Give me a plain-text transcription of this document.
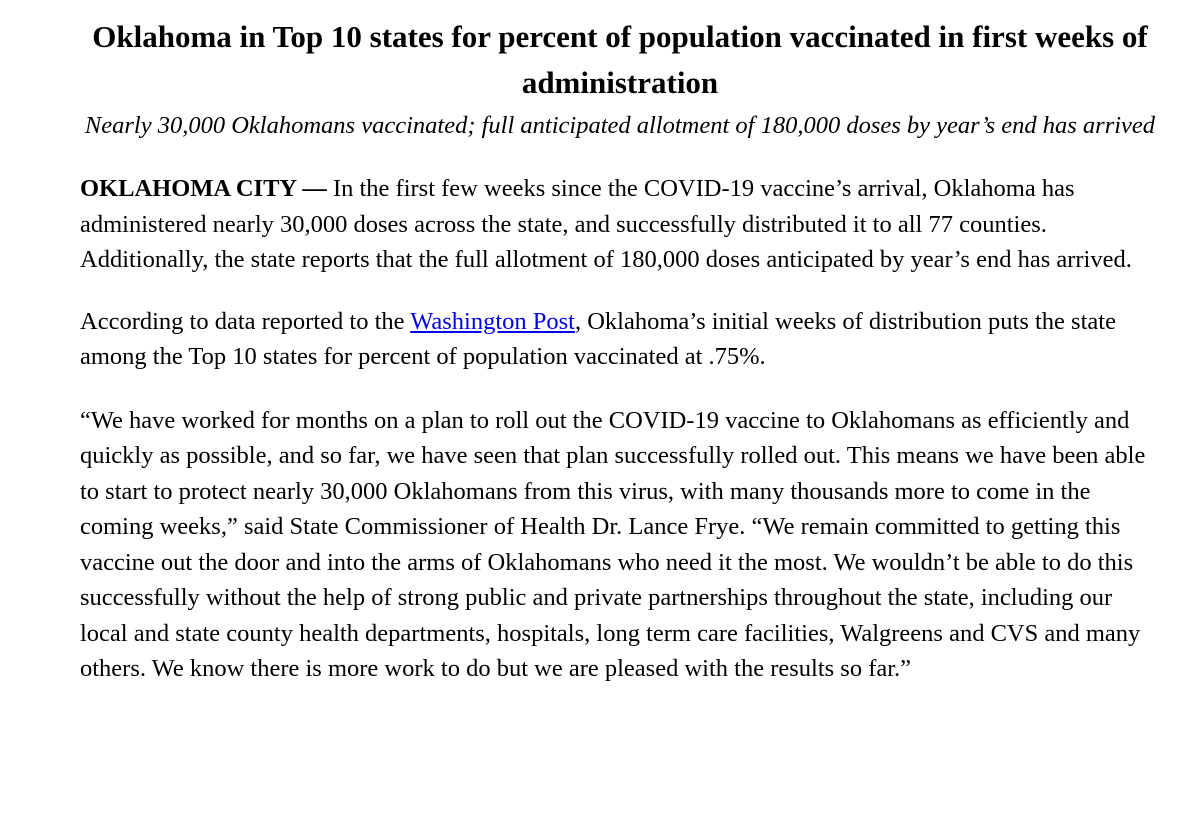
Oklahoma in Top 10 states for percent of population vaccinated in first weeks of administration

Nearly 30,000 Oklahomans vaccinated; full anticipated allotment of 180,000 doses by year’s end has arrived

OKLAHOMA CITY — In the first few weeks since the COVID-19 vaccine’s arrival, Oklahoma has administered nearly 30,000 doses across the state, and successfully distributed it to all 77 counties. Additionally, the state reports that the full allotment of 180,000 doses anticipated by year’s end has arrived.

According to data reported to the Washington Post, Oklahoma’s initial weeks of distribution puts the state among the Top 10 states for percent of population vaccinated at .75%.

“We have worked for months on a plan to roll out the COVID-19 vaccine to Oklahomans as efficiently and quickly as possible, and so far, we have seen that plan successfully rolled out. This means we have been able to start to protect nearly 30,000 Oklahomans from this virus, with many thousands more to come in the coming weeks,” said State Commissioner of Health Dr. Lance Frye. “We remain committed to getting this vaccine out the door and into the arms of Oklahomans who need it the most. We wouldn’t be able to do this successfully without the help of strong public and private partnerships throughout the state, including our local and state county health departments, hospitals, long term care facilities, Walgreens and CVS and many others. We know there is more work to do but we are pleased with the results so far.”
